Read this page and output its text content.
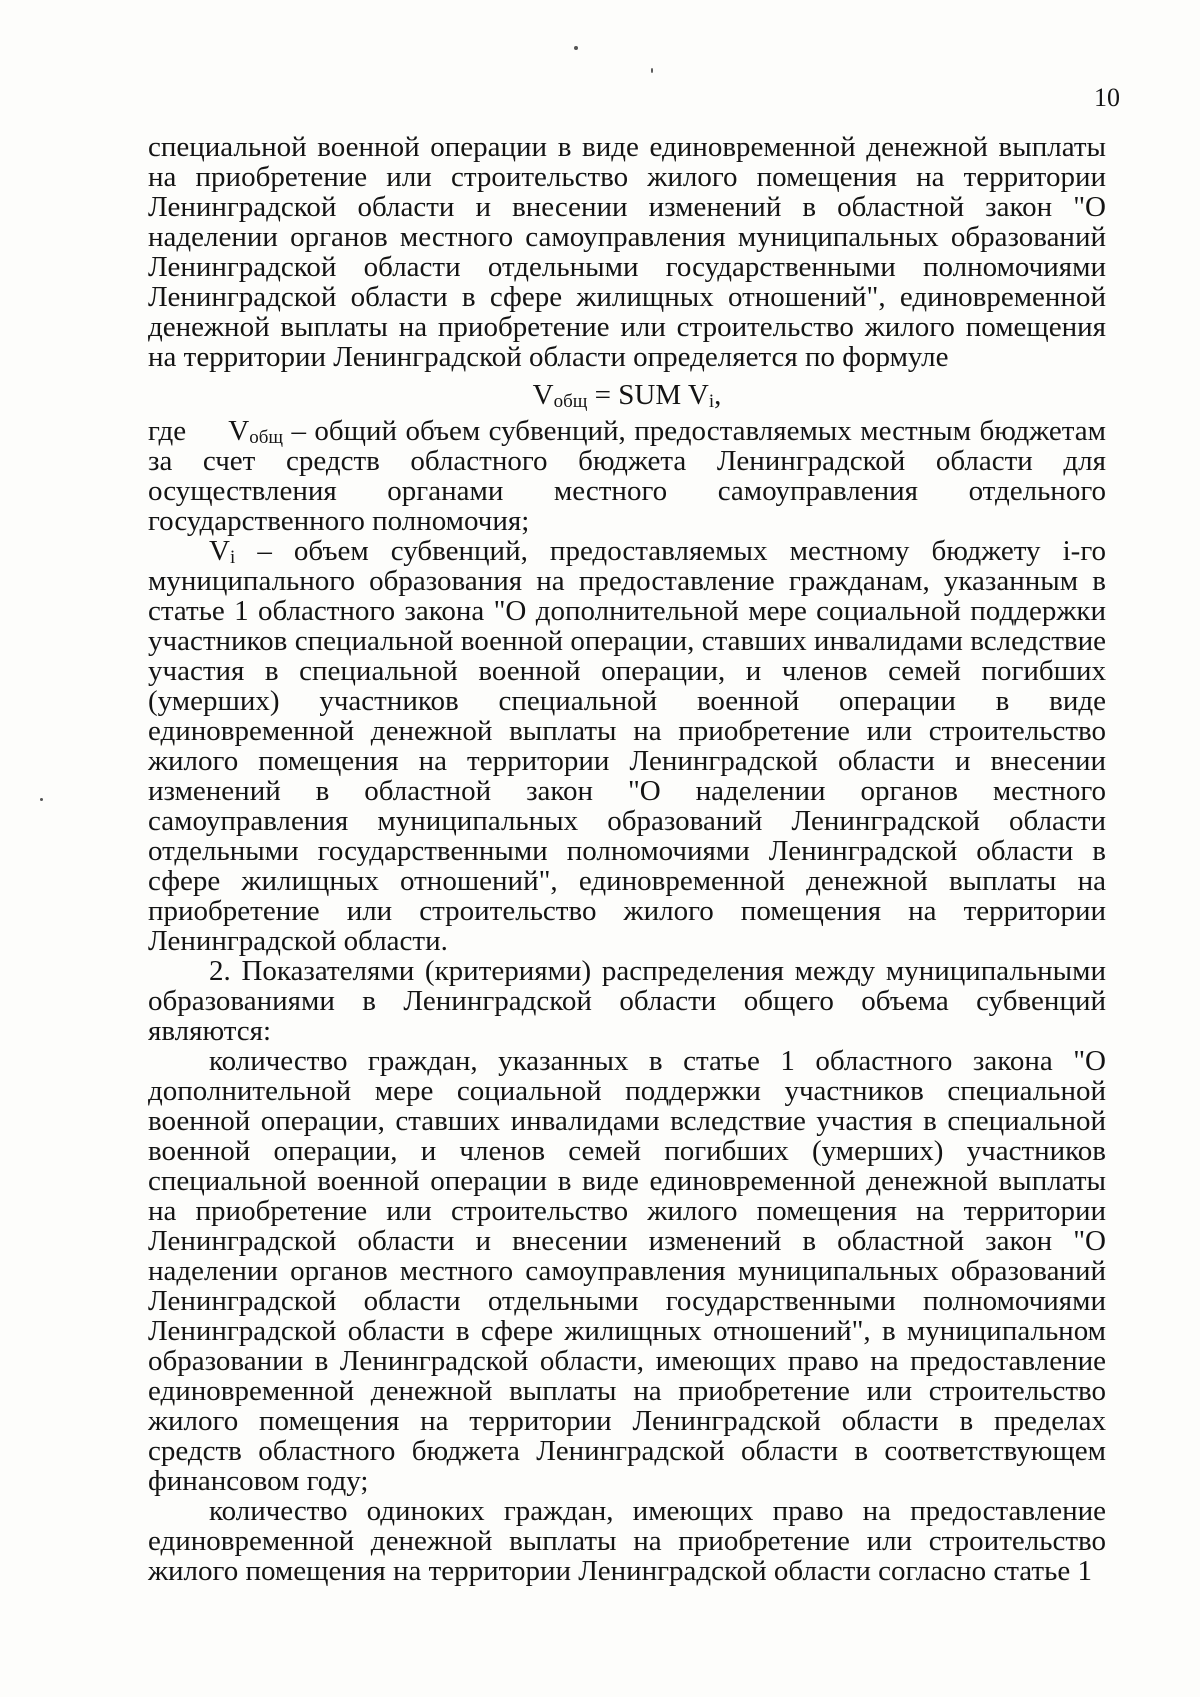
10

специальной военной операции в виде единовременной денежной выплаты на приобретение или строительство жилого помещения на территории Ленинградской области и внесении изменений в областной закон "О наделении органов местного самоуправления муниципальных образований Ленинградской области отдельными государственными полномочиями Ленинградской области в сфере жилищных отношений", единовременной денежной выплаты на приобретение или строительство жилого помещения на территории Ленинградской области определяется по формуле

$V_{общ}$ = SUM $V_i$,

где $V_{общ}$ – общий объем субвенций, предоставляемых местным бюджетам за счет средств областного бюджета Ленинградской области для осуществления органами местного самоуправления отдельного государственного полномочия;

$V_i$ – объем субвенций, предоставляемых местному бюджету i-го муниципального образования на предоставление гражданам, указанным в статье 1 областного закона "О дополнительной мере социальной поддержки участников специальной военной операции, ставших инвалидами вследствие участия в специальной военной операции, и членов семей погибших (умерших) участников специальной военной операции в виде единовременной денежной выплаты на приобретение или строительство жилого помещения на территории Ленинградской области и внесении изменений в областной закон "О наделении органов местного самоуправления муниципальных образований Ленинградской области отдельными государственными полномочиями Ленинградской области в сфере жилищных отношений", единовременной денежной выплаты на приобретение или строительство жилого помещения на территории Ленинградской области.

2. Показателями (критериями) распределения между муниципальными образованиями в Ленинградской области общего объема субвенций являются:

количество граждан, указанных в статье 1 областного закона "О дополнительной мере социальной поддержки участников специальной военной операции, ставших инвалидами вследствие участия в специальной военной операции, и членов семей погибших (умерших) участников специальной военной операции в виде единовременной денежной выплаты на приобретение или строительство жилого помещения на территории Ленинградской области и внесении изменений в областной закон "О наделении органов местного самоуправления муниципальных образований Ленинградской области отдельными государственными полномочиями Ленинградской области в сфере жилищных отношений", в муниципальном образовании в Ленинградской области, имеющих право на предоставление единовременной денежной выплаты на приобретение или строительство жилого помещения на территории Ленинградской области в пределах средств областного бюджета Ленинградской области в соответствующем финансовом году;

количество одиноких граждан, имеющих право на предоставление единовременной денежной выплаты на приобретение или строительство жилого помещения на территории Ленинградской области согласно статье 1
